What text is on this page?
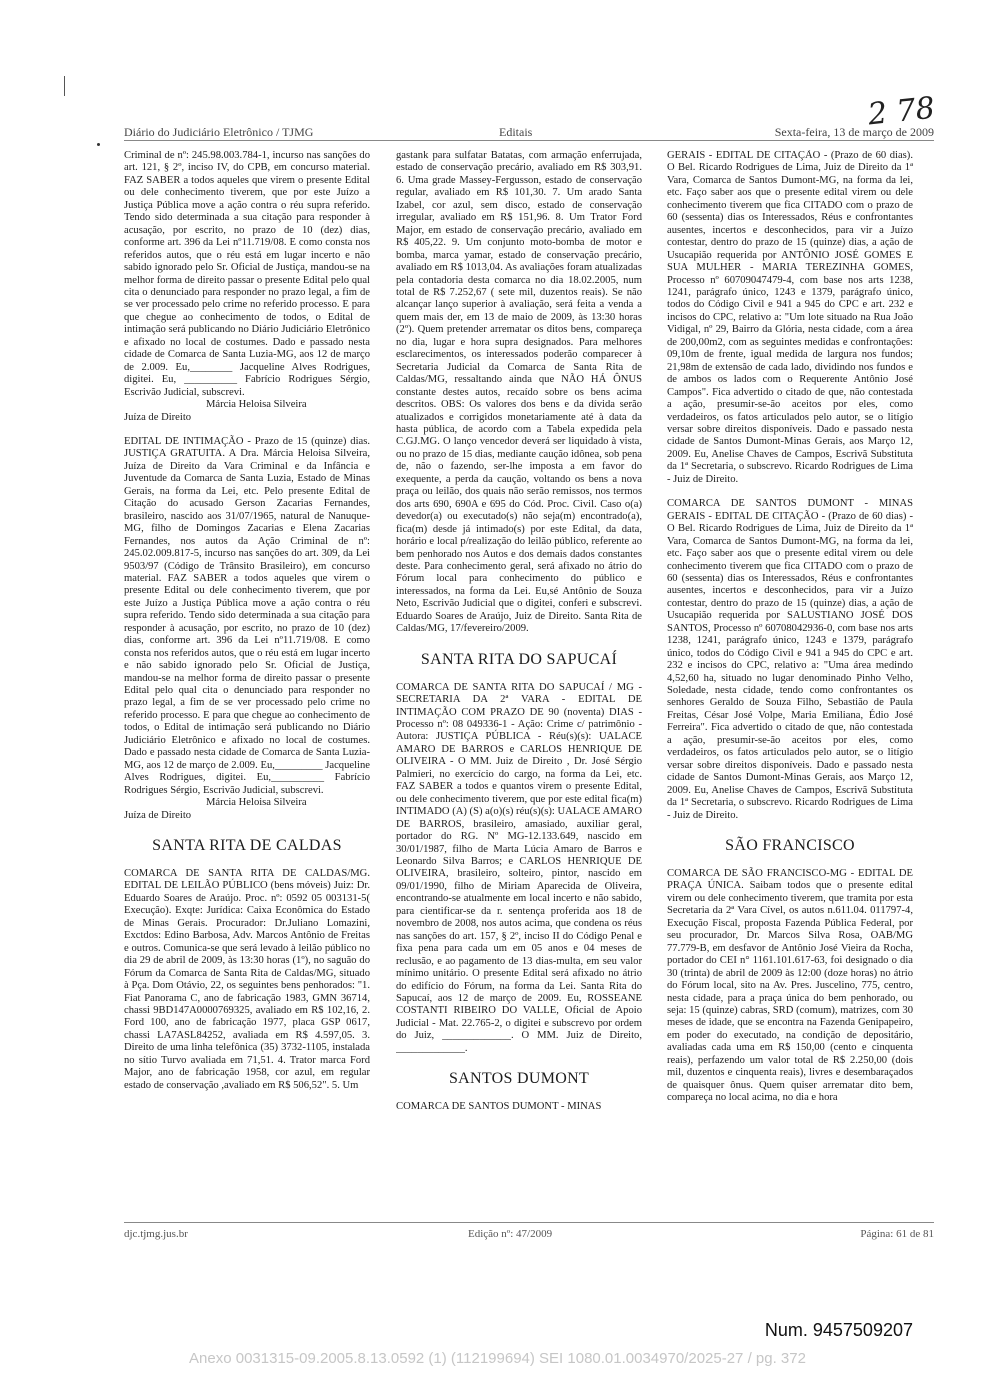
2 78
Diário do Judiciário Eletrônico / TJMG	Editais	Sexta-feira, 13 de março de 2009

Criminal de nº: 245.98.003.784-1, incurso nas sanções do art. 121, § 2º, inciso IV, do CPB, em concurso material. FAZ SABER a todos aqueles que virem o presente Edital ou dele conhecimento tiverem, que por este Juízo a Justiça Pública move a ação contra o réu supra referido. Tendo sido determinada a sua citação para responder à acusação, por escrito, no prazo de 10 (dez) dias, conforme art. 396 da Lei nº11.719/08. E como consta nos referidos autos, que o réu está em lugar incerto e não sabido ignorado pelo Sr. Oficial de Justiça, mandou-se na melhor forma de direito passar o presente Edital pelo qual cita o denunciado para responder no prazo legal, a fim de se ver processado pelo crime no referido processo. E para que chegue ao conhecimento de todos, o Edital de intimação será publicando no Diário Judiciário Eletrônico e afixado no local de costumes. Dado e passado nesta cidade de Comarca de Santa Luzia-MG, aos 12 de março de 2.009. Eu,________ Jacqueline Alves Rodrigues, digitei. Eu, __________ Fabrício Rodrigues Sérgio, Escrivão Judicial, subscrevi.

Márcia Heloisa Silveira

Juíza de Direito

EDITAL DE INTIMAÇÃO - Prazo de 15 (quinze) dias. JUSTIÇA GRATUITA. A Dra. Márcia Heloisa Silveira, Juíza de Direito da Vara Criminal e da Infância e Juventude da Comarca de Santa Luzia, Estado de Minas Gerais, na forma da Lei, etc. Pelo presente Edital de Citação do acusado Gerson Zacarias Fernandes, brasileiro, nascido aos 31/07/1965, natural de Nanuque-MG, filho de Domingos Zacarias e Elena Zacarias Fernandes, nos autos da Ação Criminal de nº: 245.02.009.817-5, incurso nas sanções do art. 309, da Lei 9503/97 (Código de Trânsito Brasileiro), em concurso material. FAZ SABER a todos aqueles que virem o presente Edital ou dele conhecimento tiverem, que por este Juízo a Justiça Pública move a ação contra o réu supra referido. Tendo sido determinada a sua citação para responder à acusação, por escrito, no prazo de 10 (dez) dias, conforme art. 396 da Lei nº11.719/08. E como consta nos referidos autos, que o réu está em lugar incerto e não sabido ignorado pelo Sr. Oficial de Justiça, mandou-se na melhor forma de direito passar o presente Edital pelo qual cita o denunciado para responder no prazo legal, a fim de se ver processado pelo crime no referido processo. E para que chegue ao conhecimento de todos, o Edital de intimação será publicando no Diário Judiciário Eletrônico e afixado no local de costumes. Dado e passado nesta cidade de Comarca de Santa Luzia-MG, aos 12 de março de 2.009. Eu,_________ Jacqueline Alves Rodrigues, digitei. Eu,__________ Fabrício Rodrigues Sérgio, Escrivão Judicial, subscrevi.

Márcia Heloisa Silveira

Juíza de Direito

SANTA RITA DE CALDAS

COMARCA DE SANTA RITA DE CALDAS/MG. EDITAL DE LEILÃO PÚBLICO (bens móveis) Juiz: Dr. Eduardo Soares de Araújo. Proc. nº: 0592 05 003131-5( Execução). Exqte: Jurídica: Caixa Econômica do Estado de Minas Gerais. Procurador: Dr.Juliano Lomazini, Exctdos: Edino Barbosa, Adv. Marcos Antônio de Freitas e outros. Comunica-se que será levado à leilão público no dia 29 de abril de 2009, às 13:30 horas (1º), no saguão do Fórum da Comarca de Santa Rita de Caldas/MG, situado à Pça. Dom Otávio, 22, os seguintes bens penhorados: "1. Fiat Panorama C, ano de fabricação 1983, GMN 36714, chassi 9BD147A0000769325, avaliado em R$ 102,16, 2. Ford 100, ano de fabricação 1977, placa GSP 0617, chassi LA7ASL84252, avaliada em R$ 4.597,05. 3. Direito de uma linha telefônica (35) 3732-1105, instalada no sítio Turvo avaliada em 71,51. 4. Trator marca Ford Major, ano de fabricação 1958, cor azul, em regular estado de conservação ,avaliado em R$ 506,52". 5. Um

gastank para sulfatar Batatas, com armação enferrujada, estado de conservação precário, avaliado em R$ 303,91. 6. Uma grade Massey-Fergusson, estado de conservação regular, avaliado em R$ 101,30. 7. Um arado Santa Izabel, cor azul, sem disco, estado de conservação irregular, avaliado em R$ 151,96. 8. Um Trator Ford Major, em estado de conservação precário, avaliado em R$ 405,22. 9. Um conjunto moto-bomba de motor e bomba, marca yamar, estado de conservação precário, avaliado em R$ 1013,04. As avaliações foram atualizadas pela contadoria desta comarca no dia 18.02.2005, num total de R$ 7.252,67 ( sete mil, duzentos reais). Se não alcançar lanço superior à avaliação, será feita a venda a quem mais der, em 13 de maio de 2009, às 13:30 horas (2º). Quem pretender arrematar os ditos bens, compareça no dia, lugar e hora supra designados. Para melhores esclarecimentos, os interessados poderão comparecer à Secretaria Judicial da Comarca de Santa Rita de Caldas/MG, ressaltando ainda que NÃO HÁ ÔNUS constante destes autos, recaído sobre os bens acima descritos. OBS: Os valores dos bens e da dívida serão atualizados e corrigidos monetariamente até à data da hasta pública, de acordo com a Tabela expedida pela C.GJ.MG. O lanço vencedor deverá ser liquidado à vista, ou no prazo de 15 dias, mediante caução idônea, sob pena de, não o fazendo, ser-lhe imposta a em favor do exequente, a perda da caução, voltando os bens a nova praça ou leilão, dos quais não serão remissos, nos termos dos arts 690, 690A e 695 do Cód. Proc. Civil. Caso o(a) devedor(a) ou executado(s) não seja(m) encontrado(a), fica(m) desde já intimado(s) por este Edital, da data, horário e local p/realização do leilão público, referente ao bem penhorado nos Autos e dos demais dados constantes deste. Para conhecimento geral, será afixado no átrio do Fórum local para conhecimento do público e interessados, na forma da Lei. Eu,sé Antônio de Souza Neto, Escrivão Judicial que o digitei, conferi e subscrevi. Eduardo Soares de Araújo, Juiz de Direito. Santa Rita de Caldas/MG, 17/fevereiro/2009.

SANTA RITA DO SAPUCAÍ

COMARCA DE SANTA RITA DO SAPUCAÍ / MG - SECRETARIA DA 2ª VARA - EDITAL DE INTIMAÇÃO COM PRAZO DE 90 (noventa) DIAS - Processo nº: 08 049336-1 - Ação: Crime c/ patrimônio - Autora: JUSTIÇA PÚBLICA - Réu(s)(s): UALACE AMARO DE BARROS e CARLOS HENRIQUE DE OLIVEIRA - O MM. Juiz de Direito , Dr. José Sérgio Palmieri, no exercício do cargo, na forma da Lei, etc. FAZ SABER a todos e quantos virem o presente Edital, ou dele conhecimento tiverem, que por este edital fica(m) INTIMADO (A) (S) a(o)(s) réu(s)(s): UALACE AMARO DE BARROS, brasileiro, amasiado, auxiliar geral, portador do RG. Nº MG-12.133.649, nascido em 30/01/1987, filho de Marta Lúcia Amaro de Barros e Leonardo Silva Barros; e CARLOS HENRIQUE DE OLIVEIRA, brasileiro, solteiro, pintor, nascido em 09/01/1990, filho de Miriam Aparecida de Oliveira, encontrando-se atualmente em local incerto e não sabido, para cientificar-se da r. sentença proferida aos 18 de novembro de 2008, nos autos acima, que condena os réus nas sanções do art. 157, § 2º, inciso II do Código Penal e fixa pena para cada um em 05 anos e 04 meses de reclusão, e ao pagamento de 13 dias-multa, em seu valor mínimo unitário. O presente Edital será afixado no átrio do edifício do Fórum, na forma da Lei. Santa Rita do Sapucaí, aos 12 de março de 2009. Eu, ROSSEANE COSTANTI RIBEIRO DO VALLE, Oficial de Apoio Judicial - Mat. 22.765-2, o digitei e subscrevo por ordem do Juiz, _____________. O MM. Juiz de Direito, _____________.

SANTOS DUMONT

COMARCA DE SANTOS DUMONT - MINAS

GERAIS - EDITAL DE CITAÇÃO - (Prazo de 60 dias). O Bel. Ricardo Rodrigues de Lima, Juiz de Direito da 1ª Vara, Comarca de Santos Dumont-MG, na forma da lei, etc. Faço saber aos que o presente edital virem ou dele conhecimento tiverem que fica CITADO com o prazo de 60 (sessenta) dias os Interessados, Réus e confrontantes ausentes, incertos e desconhecidos, para vir a Juízo contestar, dentro do prazo de 15 (quinze) dias, a ação de Usucapião requerida por ANTÔNIO JOSÉ GOMES E SUA MULHER - MARIA TEREZINHA GOMES, Processo nº 60709047479-4, com base nos arts 1238, 1241, parágrafo único, 1243 e 1379, parágrafo único, todos do Código Civil e 941 a 945 do CPC e art. 232 e incisos do CPC, relativo a: "Um lote situado na Rua João Vidigal, nº 29, Bairro da Glória, nesta cidade, com a área de 200,00m2, com as seguintes medidas e confrontações: 09,10m de frente, igual medida de largura nos fundos; 21,98m de extensão de cada lado, dividindo nos fundos e de ambos os lados com o Requerente Antônio José Campos". Fica advertido o citado de que, não contestada a ação, presumir-se-ão aceitos por eles, como verdadeiros, os fatos articulados pelo autor, se o litígio versar sobre direitos disponíveis. Dado e passado nesta cidade de Santos Dumont-Minas Gerais, aos Março 12, 2009. Eu, Anelise Chaves de Campos, Escrivã Substituta da 1ª Secretaria, o subscrevo. Ricardo Rodrigues de Lima - Juiz de Direito.

COMARCA DE SANTOS DUMONT - MINAS GERAIS - EDITAL DE CITAÇÃO - (Prazo de 60 dias) - O Bel. Ricardo Rodrigues de Lima, Juiz de Direito da 1ª Vara, Comarca de Santos Dumont-MG, na forma da lei, etc. Faço saber aos que o presente edital virem ou dele conhecimento tiverem que fica CITADO com o prazo de 60 (sessenta) dias os Interessados, Réus e confrontantes ausentes, incertos e desconhecidos, para vir a Juízo contestar, dentro do prazo de 15 (quinze) dias, a ação de Usucapião requerida por SALUSTIANO JOSÉ DOS SANTOS, Processo nº 60708042936-0, com base nos arts 1238, 1241, parágrafo único, 1243 e 1379, parágrafo único, todos do Código Civil e 941 a 945 do CPC e art. 232 e incisos do CPC, relativo a: "Uma área medindo 4,52,60 ha, situado no lugar denominado Pinho Velho, Soledade, nesta cidade, tendo como confrontantes os senhores Geraldo de Souza Filho, Sebastião de Paula Freitas, César José Volpe, Maria Emiliana, Édio José Ferreira". Fica advertido o citado de que, não contestada a ação, presumir-se-ão aceitos por eles, como verdadeiros, os fatos articulados pelo autor, se o litígio versar sobre direitos disponíveis. Dado e passado nesta cidade de Santos Dumont-Minas Gerais, aos Março 12, 2009. Eu, Anelise Chaves de Campos, Escrivã Substituta da 1ª Secretaria, o subscrevo. Ricardo Rodrigues de Lima - Juiz de Direito.

SÃO FRANCISCO

COMARCA DE SÃO FRANCISCO-MG - EDITAL DE PRAÇA ÚNICA. Saibam todos que o presente edital virem ou dele conhecimento tiverem, que tramita por esta Secretaria da 2ª Vara Cível, os autos n.611.04. 011797-4, Execução Fiscal, proposta Fazenda Pública Federal, por seu procurador, Dr. Marcos Silva Rosa, OAB/MG 77.779-B, em desfavor de Antônio José Vieira da Rocha, portador do CEI n° 1161.101.617-63, foi designado o dia 30 (trinta) de abril de 2009 às 12:00 (doze horas) no átrio do Fórum local, sito na Av. Pres. Juscelino, 775, centro, nesta cidade, para a praça única do bem penhorado, ou seja: 15 (quinze) cabras, SRD (comum), matrizes, com 30 meses de idade, que se encontra na Fazenda Genipapeiro, em poder do executado, na condição de depositário, avaliadas cada uma em R$ 150,00 (cento e cinquenta reais), perfazendo um valor total de R$ 2.250,00 (dois mil, duzentos e cinquenta reais), livres e desembaraçados de quaisquer ônus. Quem quiser arrematar dito bem, compareça no local acima, no dia e hora

djc.tjmg.jus.br	Edição nº: 47/2009	Página: 61 de 81
Num. 9457509207
Anexo 0031315-09.2005.8.13.0592 (1) (112199694) SEI 1080.01.0034970/2025-27 / pg. 372
